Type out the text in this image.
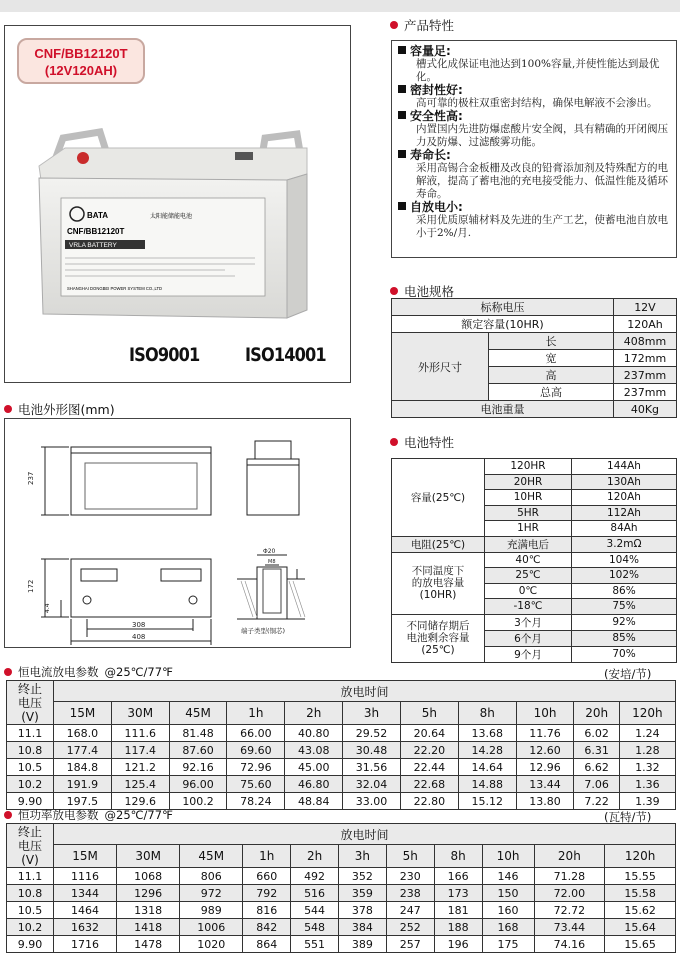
CNF/BB12120T
(12V120AH)
BATA	太阳能储能电池
CNF/BB12120T
VRLA BATTERY
SHANGHAI DONGBEI POWER SYSTEM CO.,LTD
ISO9001 ISO14001
产品特性
容量足:
槽式化成保证电池达到100%容量,并使性能达到最优化。
密封性好:
高可靠的极柱双重密封结构，确保电解液不会渗出。
安全性高:
内置国内先进防爆虑酸片安全阀，具有精确的开闭阀压力及防爆、过滤酸雾功能。
寿命长:
采用高锡合金板栅及改良的铅膏添加剂及特殊配方的电解液，提高了蓄电池的充电接受能力、低温性能及循环寿命。
自放电小:
采用优质原辅材料及先进的生产工艺，使蓄电池自放电小于2%/月.
电池规格
标称电压		12V
额定容量(10HR)		120Ah
外形尺寸	长	408mm
	宽	172mm
	高	237mm
	总高	237mm
电池重量		40Kg
电池外形图(mm)
237
172
4.4
308
408
Φ20
M8
端子类型(铜芯)
电池特性
容量(25℃)	120HR	144Ah
	20HR	130Ah
	10HR	120Ah
	5HR	112Ah
	1HR	84Ah
电阻(25℃)	充满电后	3.2mΩ

不同温度下
的放电容量
(10HR)	40℃	104%
	25℃	102%
	0℃	86%
	-18℃	75%

不同储存期后
电池剩余容量
(25℃)	3个月	92%
	6个月	85%
	9个月	70%
恒电流放电参数 @25℃/77℉	(安培/节)
终止
电压
(V)	放电时间										
	15M	30M	45M	1h	2h	3h	5h	8h	10h	20h	120h
11.1	168.0	111.6	81.48	66.00	40.80	29.52	20.64	13.68	11.76	6.02	1.24
10.8	177.4	117.4	87.60	69.60	43.08	30.48	22.20	14.28	12.60	6.31	1.28
10.5	184.8	121.2	92.16	72.96	45.00	31.56	22.44	14.64	12.96	6.62	1.32
10.2	191.9	125.4	96.00	75.60	46.80	32.04	22.68	14.88	13.44	7.06	1.36
9.90	197.5	129.6	100.2	78.24	48.84	33.00	22.80	15.12	13.80	7.22	1.39
恒功率放电参数 @25℃/77℉	(瓦特/节)
终止
电压
(V)	放电时间										
	15M	30M	45M	1h	2h	3h	5h	8h	10h	20h	120h
11.1	1116	1068	806	660	492	352	230	166	146	71.28	15.55
10.8	1344	1296	972	792	516	359	238	173	150	72.00	15.58
10.5	1464	1318	989	816	544	378	247	181	160	72.72	15.62
10.2	1632	1418	1006	842	548	384	252	188	168	73.44	15.64
9.90	1716	1478	1020	864	551	389	257	196	175	74.16	15.65
